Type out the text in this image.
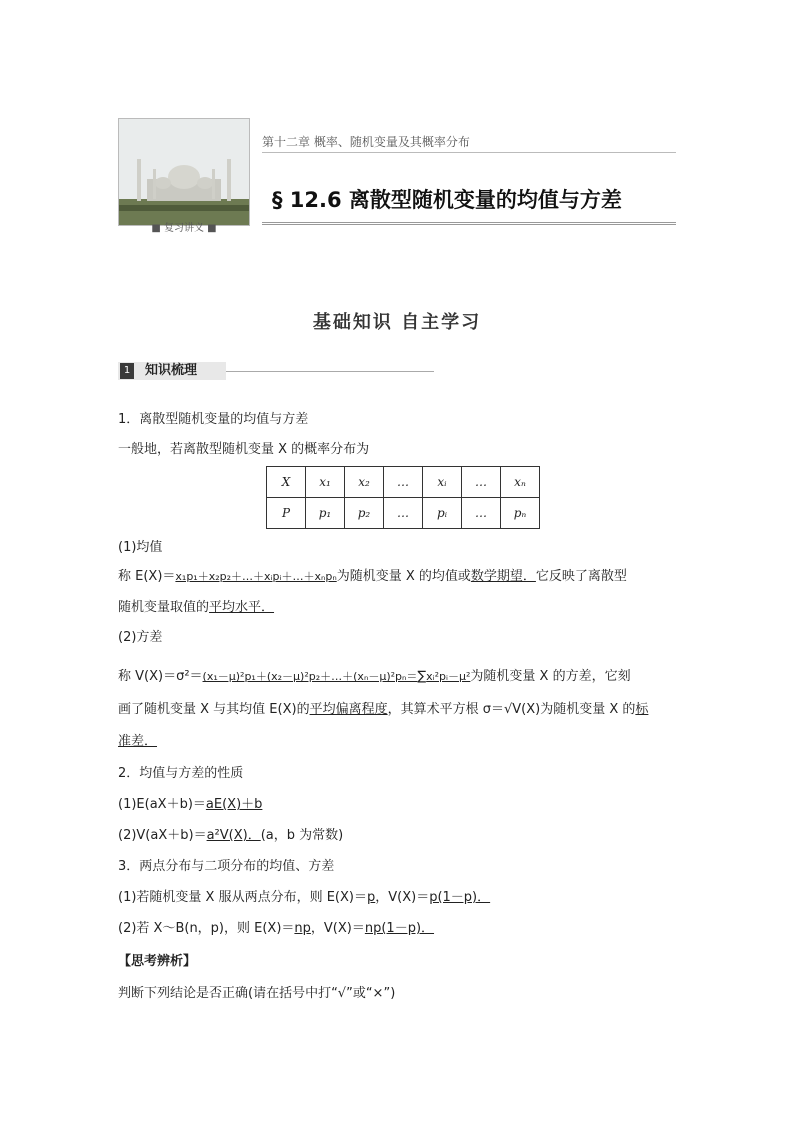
■ 复习讲义 ■
第十二章 概率、随机变量及其概率分布
§ 12.6 离散型随机变量的均值与方差
基础知识 自主学习
1 知识梳理
1．离散型随机变量的均值与方差
一般地，若离散型随机变量 X 的概率分布为
X	x₁	x₂	…	xᵢ	…	xₙ
P	p₁	p₂	…	pᵢ	…	pₙ
(1)均值
称 E(X)＝x₁p₁＋x₂p₂＋…＋xᵢpᵢ＋…＋xₙpₙ为随机变量 X 的均值或数学期望．它反映了离散型
随机变量取值的平均水平．
(2)方差
称 V(X)＝σ²＝(x₁－μ)²p₁＋(x₂－μ)²p₂＋…＋(xₙ－μ)²pₙ＝∑xᵢ²pᵢ－μ²为随机变量 X 的方差，它刻
画了随机变量 X 与其均值 E(X)的平均偏离程度，其算术平方根 σ＝√V(X)为随机变量 X 的标
准差．
2．均值与方差的性质
(1)E(aX＋b)＝aE(X)＋b
(2)V(aX＋b)＝a²V(X)．(a，b 为常数)
3．两点分布与二项分布的均值、方差
(1)若随机变量 X 服从两点分布，则 E(X)＝p，V(X)＝p(1－p)．
(2)若 X～B(n，p)，则 E(X)＝np，V(X)＝np(1－p)．
【思考辨析】
判断下列结论是否正确(请在括号中打“√”或“×”)
